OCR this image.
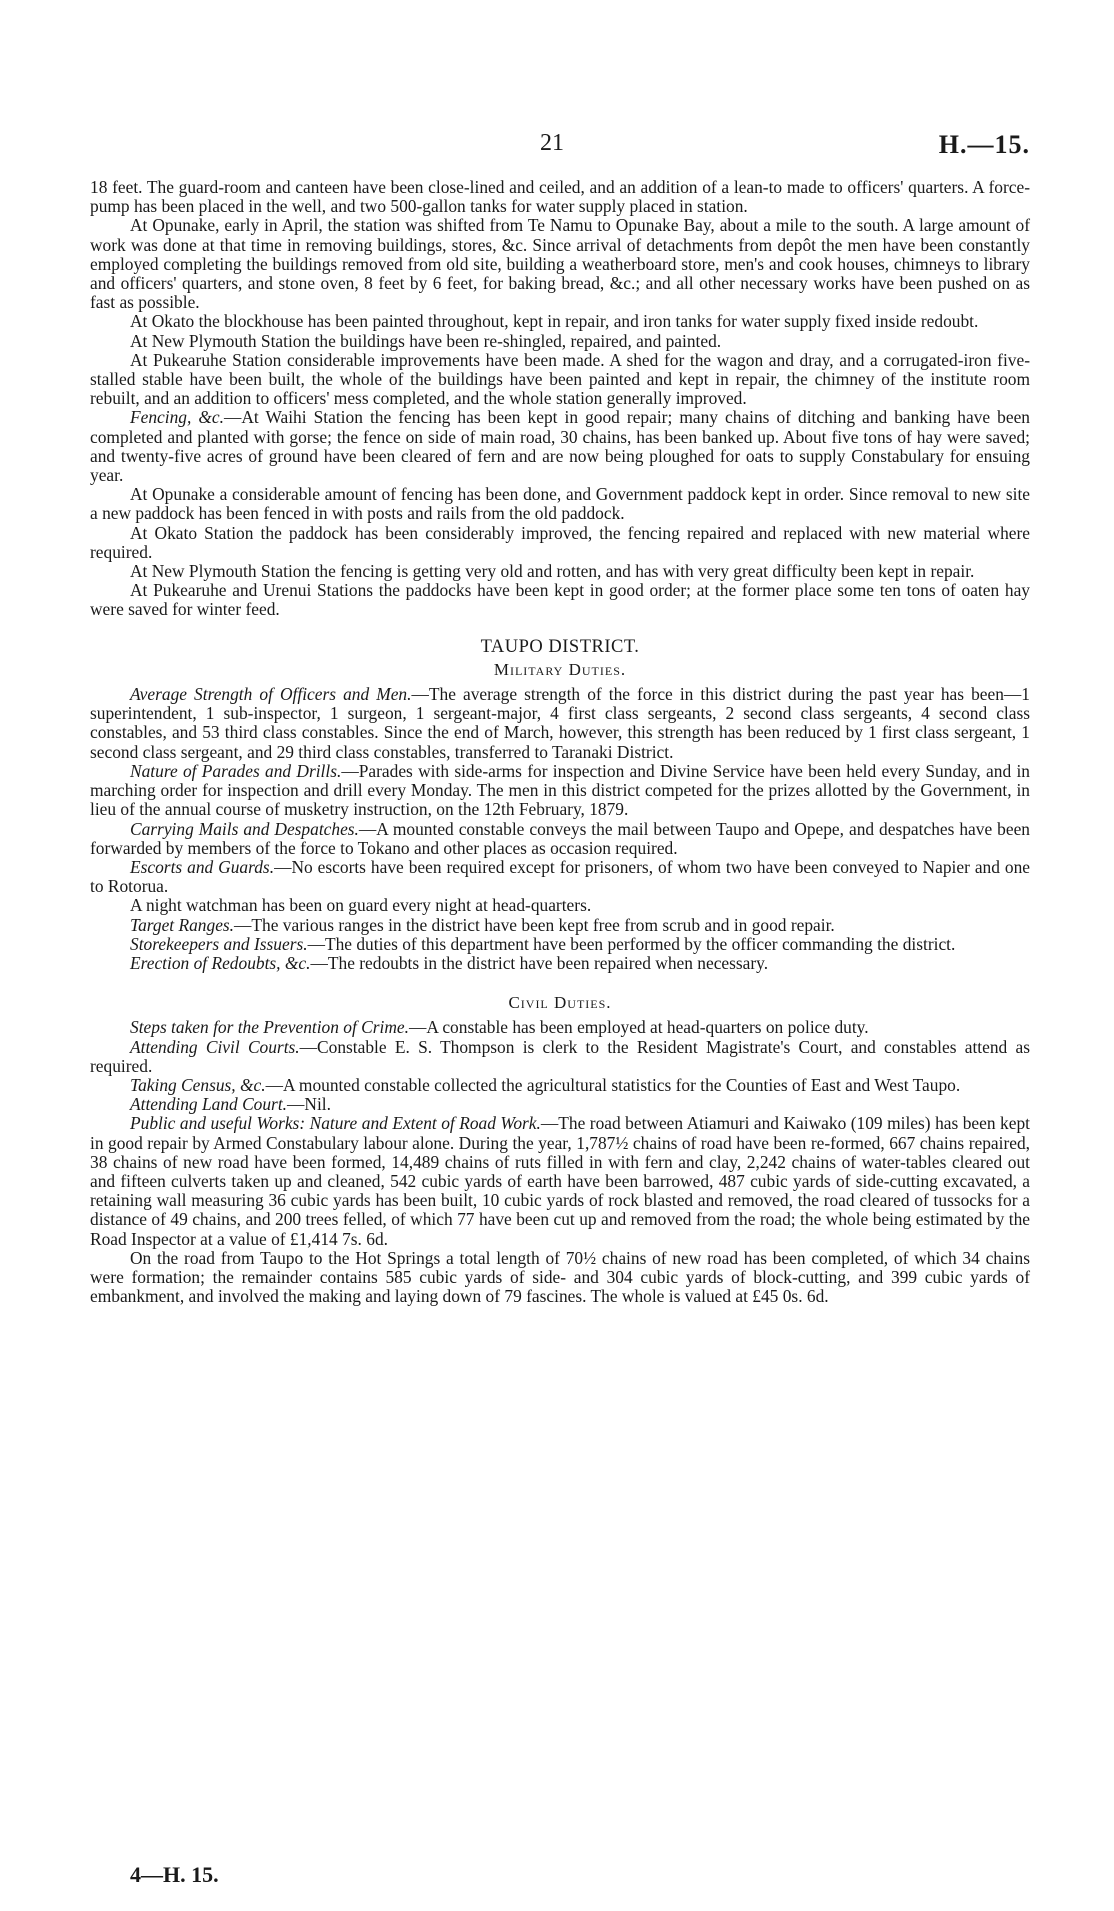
21	H.—15.

18 feet. The guard-room and canteen have been close-lined and ceiled, and an addition of a lean-to made to officers' quarters. A force-pump has been placed in the well, and two 500-gallon tanks for water supply placed in station.

At Opunake, early in April, the station was shifted from Te Namu to Opunake Bay, about a mile to the south. A large amount of work was done at that time in removing buildings, stores, &c. Since arrival of detachments from depôt the men have been constantly employed completing the buildings removed from old site, building a weatherboard store, men's and cook houses, chimneys to library and officers' quarters, and stone oven, 8 feet by 6 feet, for baking bread, &c.; and all other necessary works have been pushed on as fast as possible.

At Okato the blockhouse has been painted throughout, kept in repair, and iron tanks for water supply fixed inside redoubt.

At New Plymouth Station the buildings have been re-shingled, repaired, and painted.

At Pukearuhe Station considerable improvements have been made. A shed for the wagon and dray, and a corrugated-iron five-stalled stable have been built, the whole of the buildings have been painted and kept in repair, the chimney of the institute room rebuilt, and an addition to officers' mess completed, and the whole station generally improved.

Fencing, &c.—At Waihi Station the fencing has been kept in good repair; many chains of ditching and banking have been completed and planted with gorse; the fence on side of main road, 30 chains, has been banked up. About five tons of hay were saved; and twenty-five acres of ground have been cleared of fern and are now being ploughed for oats to supply Constabulary for ensuing year.

At Opunake a considerable amount of fencing has been done, and Government paddock kept in order. Since removal to new site a new paddock has been fenced in with posts and rails from the old paddock.

At Okato Station the paddock has been considerably improved, the fencing repaired and replaced with new material where required.

At New Plymouth Station the fencing is getting very old and rotten, and has with very great difficulty been kept in repair.

At Pukearuhe and Urenui Stations the paddocks have been kept in good order; at the former place some ten tons of oaten hay were saved for winter feed.

TAUPO DISTRICT.

Military Duties.

Average Strength of Officers and Men.—The average strength of the force in this district during the past year has been—1 superintendent, 1 sub-inspector, 1 surgeon, 1 sergeant-major, 4 first class sergeants, 2 second class sergeants, 4 second class constables, and 53 third class constables. Since the end of March, however, this strength has been reduced by 1 first class sergeant, 1 second class sergeant, and 29 third class constables, transferred to Taranaki District.

Nature of Parades and Drills.—Parades with side-arms for inspection and Divine Service have been held every Sunday, and in marching order for inspection and drill every Monday. The men in this district competed for the prizes allotted by the Government, in lieu of the annual course of musketry instruction, on the 12th February, 1879.

Carrying Mails and Despatches.—A mounted constable conveys the mail between Taupo and Opepe, and despatches have been forwarded by members of the force to Tokano and other places as occasion required.

Escorts and Guards.—No escorts have been required except for prisoners, of whom two have been conveyed to Napier and one to Rotorua.

A night watchman has been on guard every night at head-quarters.

Target Ranges.—The various ranges in the district have been kept free from scrub and in good repair.

Storekeepers and Issuers.—The duties of this department have been performed by the officer commanding the district.

Erection of Redoubts, &c.—The redoubts in the district have been repaired when necessary.

Civil Duties.

Steps taken for the Prevention of Crime.—A constable has been employed at head-quarters on police duty.

Attending Civil Courts.—Constable E. S. Thompson is clerk to the Resident Magistrate's Court, and constables attend as required.

Taking Census, &c.—A mounted constable collected the agricultural statistics for the Counties of East and West Taupo.

Attending Land Court.—Nil.

Public and useful Works: Nature and Extent of Road Work.—The road between Atiamuri and Kaiwako (109 miles) has been kept in good repair by Armed Constabulary labour alone. During the year, 1,787½ chains of road have been re-formed, 667 chains repaired, 38 chains of new road have been formed, 14,489 chains of ruts filled in with fern and clay, 2,242 chains of water-tables cleared out and fifteen culverts taken up and cleaned, 542 cubic yards of earth have been barrowed, 487 cubic yards of side-cutting excavated, a retaining wall measuring 36 cubic yards has been built, 10 cubic yards of rock blasted and removed, the road cleared of tussocks for a distance of 49 chains, and 200 trees felled, of which 77 have been cut up and removed from the road; the whole being estimated by the Road Inspector at a value of £1,414 7s. 6d.

On the road from Taupo to the Hot Springs a total length of 70½ chains of new road has been completed, of which 34 chains were formation; the remainder contains 585 cubic yards of side- and 304 cubic yards of block-cutting, and 399 cubic yards of embankment, and involved the making and laying down of 79 fascines. The whole is valued at £45 0s. 6d.

4—H. 15.
